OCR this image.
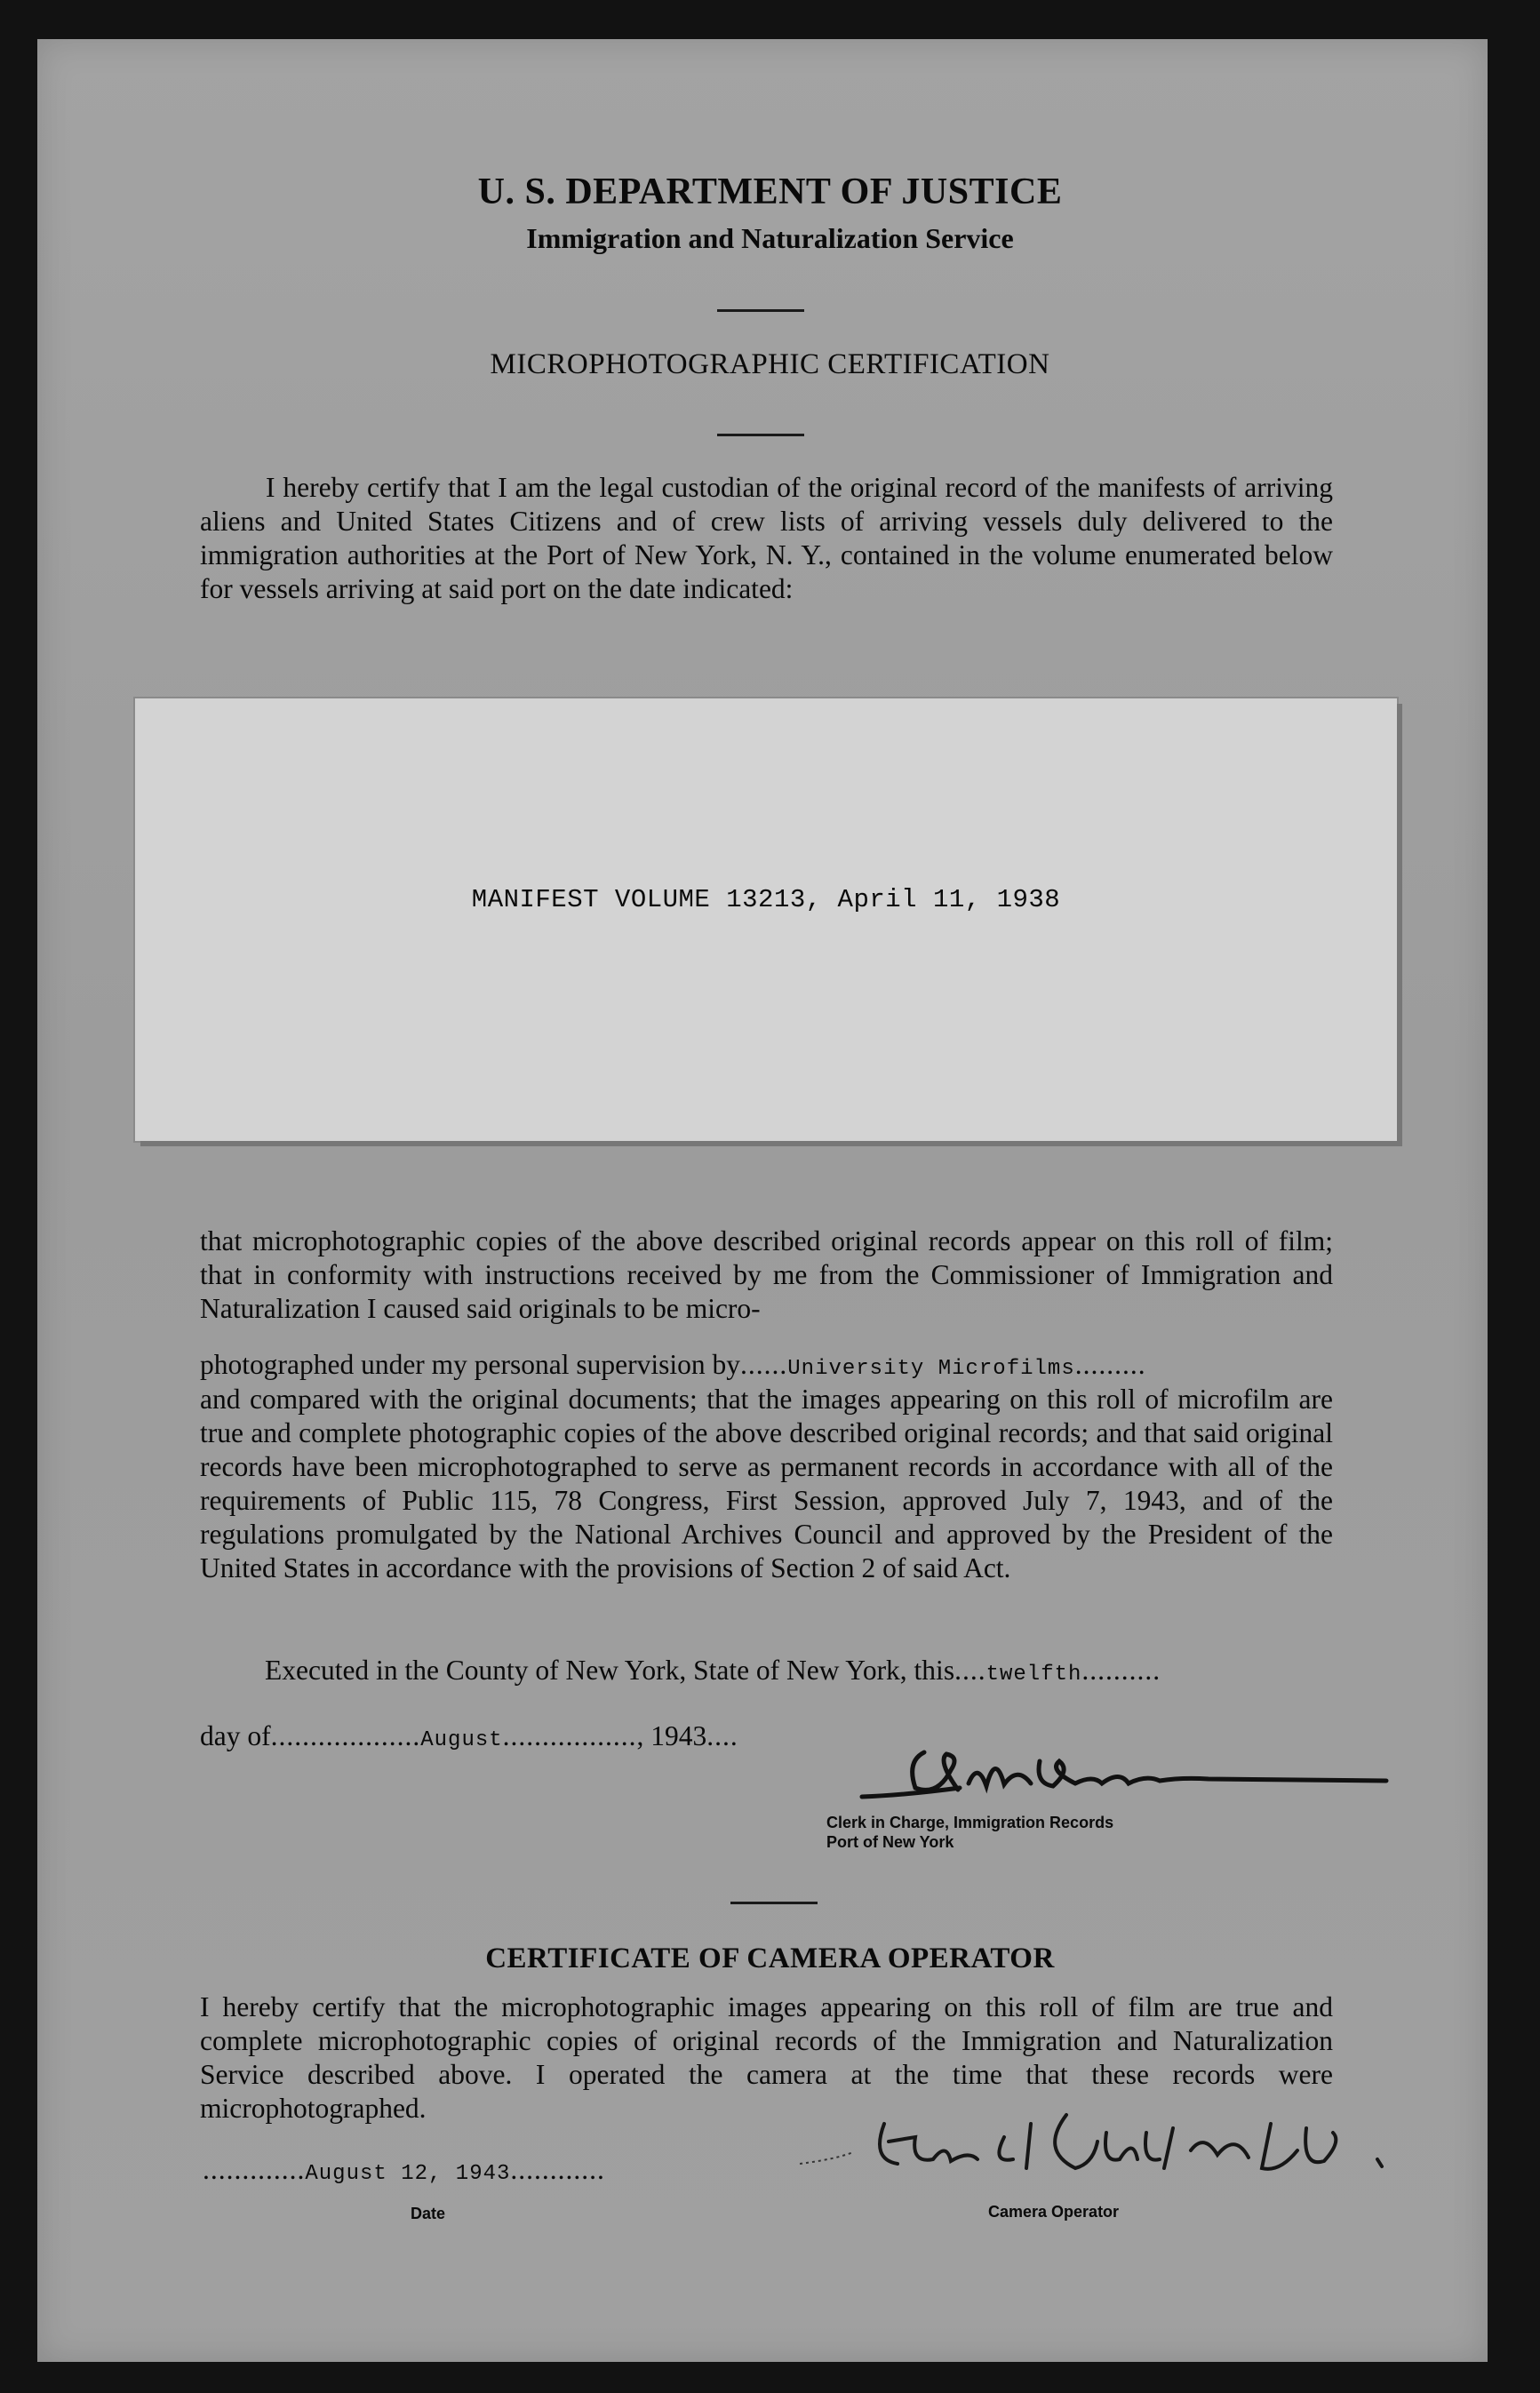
U. S. DEPARTMENT OF JUSTICE
Immigration and Naturalization Service
MICROPHOTOGRAPHIC CERTIFICATION

I hereby certify that I am the legal custodian of the original record of the manifests of arriving aliens and United States Citizens and of crew lists of arriving vessels duly delivered to the immigration authorities at the Port of New York, N. Y., contained in the volume enumerated below for vessels arriving at said port on the date indicated:

MANIFEST VOLUME 13213, April 11, 1938

that microphotographic copies of the above described original records appear on this roll of film; that in conformity with instructions received by me from the Commissioner of Immigration and Naturalization I caused said originals to be micro-

photographed under my personal supervision by......University Microfilms.........

and compared with the original documents; that the images appearing on this roll of microfilm are true and complete photographic copies of the above described original records; and that said original records have been microphotographed to serve as permanent records in accordance with all of the requirements of Public 115, 78 Congress, First Session, approved July 7, 1943, and of the regulations promulgated by the National Archives Council and approved by the President of the United States in accordance with the provisions of Section 2 of said Act.

Executed in the County of New York, State of New York, this....twelfth..........
day of...................August................., 1943....
Clerk in Charge, Immigration Records
Port of New York
CERTIFICATE OF CAMERA OPERATOR

I hereby certify that the microphotographic images appearing on this roll of film are true and complete microphotographic copies of original records of the Immigration and Naturalization Service described above. I operated the camera at the time that these records were microphotographed.

.............August 12, 1943............
Date	Camera Operator
